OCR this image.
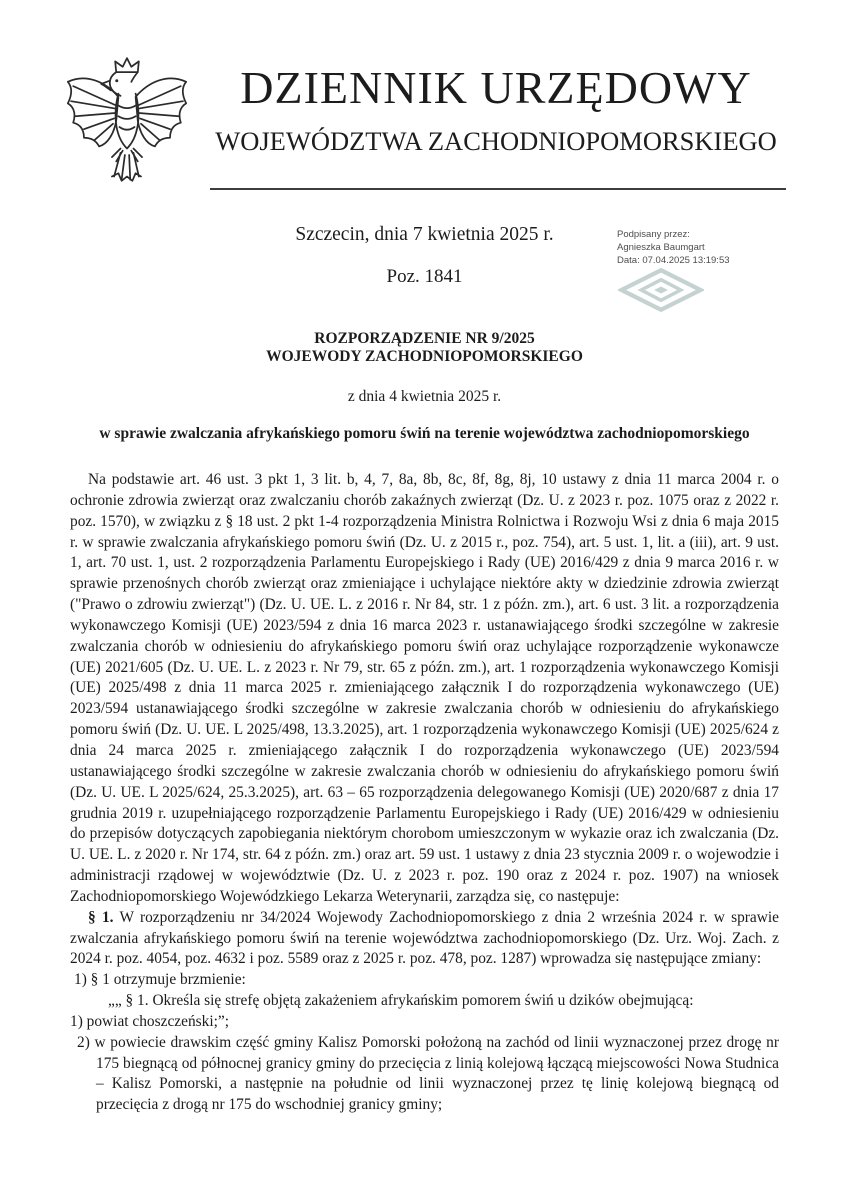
DZIENNIK URZĘDOWY
WOJEWÓDZTWA ZACHODNIOPOMORSKIEGO
Szczecin, dnia 7 kwietnia 2025 r.	Podpisany przez:
Agnieszka Baumgart
Data: 07.04.2025 13:19:53
Poz. 1841
ROZPORZĄDZENIE NR 9/2025
WOJEWODY ZACHODNIOPOMORSKIEGO
z dnia 4 kwietnia 2025 r.
w sprawie zwalczania afrykańskiego pomoru świń na terenie województwa zachodniopomorskiego

Na podstawie art. 46 ust. 3 pkt 1, 3 lit. b, 4, 7, 8a, 8b, 8c, 8f, 8g, 8j, 10 ustawy z dnia 11 marca 2004 r. o ochronie zdrowia zwierząt oraz zwalczaniu chorób zakaźnych zwierząt (Dz. U. z 2023 r. poz. 1075 oraz z 2022 r. poz. 1570), w związku z § 18 ust. 2 pkt 1-4 rozporządzenia Ministra Rolnictwa i Rozwoju Wsi z dnia 6 maja 2015 r. w sprawie zwalczania afrykańskiego pomoru świń (Dz. U. z 2015 r., poz. 754), art. 5 ust. 1, lit. a (iii), art. 9 ust. 1, art. 70 ust. 1, ust. 2 rozporządzenia Parlamentu Europejskiego i Rady (UE) 2016/429 z dnia 9 marca 2016 r. w sprawie przenośnych chorób zwierząt oraz zmieniające i uchylające niektóre akty w dziedzinie zdrowia zwierząt ("Prawo o zdrowiu zwierząt") (Dz. U. UE. L. z 2016 r. Nr 84, str. 1 z późn. zm.), art. 6 ust. 3 lit. a rozporządzenia wykonawczego Komisji (UE) 2023/594 z dnia 16 marca 2023 r. ustanawiającego środki szczególne w zakresie zwalczania chorób w odniesieniu do afrykańskiego pomoru świń oraz uchylające rozporządzenie wykonawcze (UE) 2021/605 (Dz. U. UE. L. z 2023 r. Nr 79, str. 65 z późn. zm.), art. 1 rozporządzenia wykonawczego Komisji (UE) 2025/498 z dnia 11 marca 2025 r. zmieniającego załącznik I do rozporządzenia wykonawczego (UE) 2023/594 ustanawiającego środki szczególne w zakresie zwalczania chorób w odniesieniu do afrykańskiego pomoru świń (Dz. U. UE. L 2025/498, 13.3.2025), art. 1 rozporządzenia wykonawczego Komisji (UE) 2025/624 z dnia 24 marca 2025 r. zmieniającego załącznik I do rozporządzenia wykonawczego (UE) 2023/594 ustanawiającego środki szczególne w zakresie zwalczania chorób w odniesieniu do afrykańskiego pomoru świń (Dz. U. UE. L 2025/624, 25.3.2025), art. 63 – 65 rozporządzenia delegowanego Komisji (UE) 2020/687 z dnia 17 grudnia 2019 r. uzupełniającego rozporządzenie Parlamentu Europejskiego i Rady (UE) 2016/429 w odniesieniu do przepisów dotyczących zapobiegania niektórym chorobom umieszczonym w wykazie oraz ich zwalczania (Dz. U. UE. L. z 2020 r. Nr 174, str. 64 z późn. zm.) oraz art. 59 ust. 1 ustawy z dnia 23 stycznia 2009 r. o wojewodzie i administracji rządowej w województwie (Dz. U. z 2023 r. poz. 190 oraz z 2024 r. poz. 1907) na wniosek Zachodniopomorskiego Wojewódzkiego Lekarza Weterynarii, zarządza się, co następuje:

§ 1. W rozporządzeniu nr 34/2024 Wojewody Zachodniopomorskiego z dnia 2 września 2024 r. w sprawie zwalczania afrykańskiego pomoru świń na terenie województwa zachodniopomorskiego (Dz. Urz. Woj. Zach. z 2024 r. poz. 4054, poz. 4632 i poz. 5589 oraz z 2025 r. poz. 478, poz. 1287) wprowadza się następujące zmiany:

1) § 1 otrzymuje brzmienie:

„„ § 1. Określa się strefę objętą zakażeniem afrykańskim pomorem świń u dzików obejmującą:

1) powiat choszczeński;”;

2) w powiecie drawskim część gminy Kalisz Pomorski położoną na zachód od linii wyznaczonej przez drogę nr 175 biegnącą od północnej granicy gminy do przecięcia z linią kolejową łączącą miejscowości Nowa Studnica – Kalisz Pomorski, a następnie na południe od linii wyznaczonej przez tę linię kolejową biegnącą od przecięcia z drogą nr 175 do wschodniej granicy gminy;
